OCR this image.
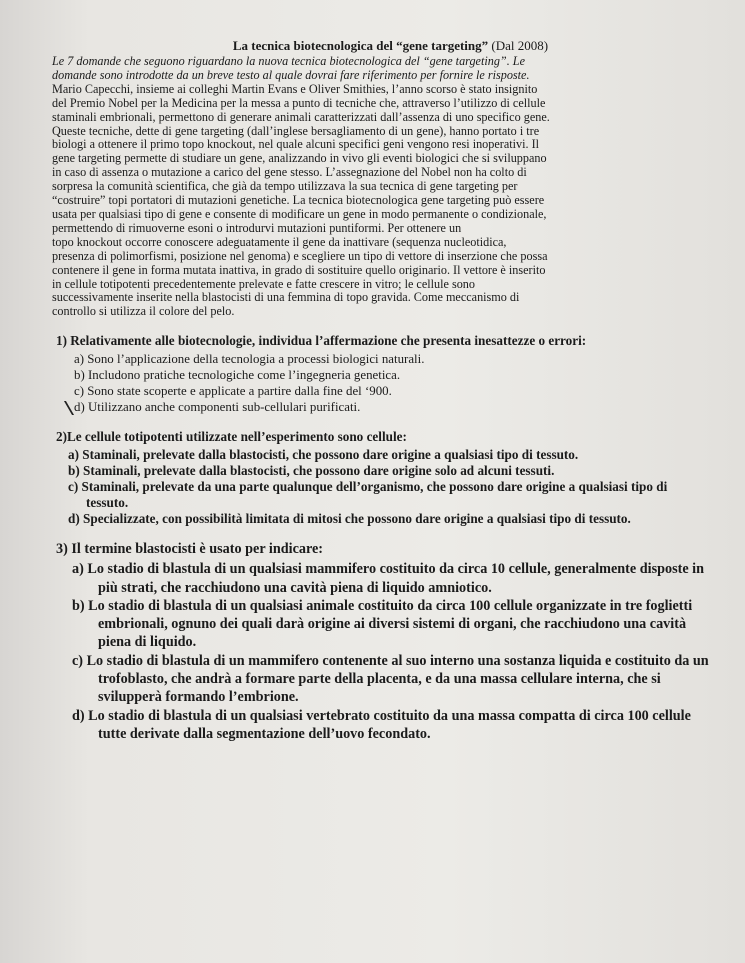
La tecnica biotecnologica del “gene targeting” (Dal 2008)

Le 7 domande che seguono riguardano la nuova tecnica biotecnologica del “gene targeting”. Le

domande sono introdotte da un breve testo al quale dovrai fare riferimento per fornire le risposte.

Mario Capecchi, insieme ai colleghi Martin Evans e Oliver Smithies, l’anno scorso è stato insignito

del Premio Nobel per la Medicina per la messa a punto di tecniche che, attraverso l’utilizzo di cellule

staminali embrionali, permettono di generare animali caratterizzati dall’assenza di uno specifico gene.

Queste tecniche, dette di gene targeting (dall’inglese bersagliamento di un gene), hanno portato i tre

biologi a ottenere il primo topo knockout, nel quale alcuni specifici geni vengono resi inoperativi. Il

gene targeting permette di studiare un gene, analizzando in vivo gli eventi biologici che si sviluppano

in caso di assenza o mutazione a carico del gene stesso. L’assegnazione del Nobel non ha colto di

sorpresa la comunità scientifica, che già da tempo utilizzava la sua tecnica di gene targeting per

“costruire” topi portatori di mutazioni genetiche. La tecnica biotecnologica gene targeting può essere

usata per qualsiasi tipo di gene e consente di modificare un gene in modo permanente o condizionale,

permettendo di rimuoverne esoni o introdurvi mutazioni puntiformi. Per ottenere un

topo knockout occorre conoscere adeguatamente il gene da inattivare (sequenza nucleotidica,

presenza di polimorfismi, posizione nel genoma) e scegliere un tipo di vettore di inserzione che possa

contenere il gene in forma mutata inattiva, in grado di sostituire quello originario. Il vettore è inserito

in cellule totipotenti precedentemente prelevate e fatte crescere in vitro; le cellule sono

successivamente inserite nella blastocisti di una femmina di topo gravida. Come meccanismo di

controllo si utilizza il colore del pelo.

1) Relativamente alle biotecnologie, individua l’affermazione che presenta inesattezze o errori:
a) Sono l’applicazione della tecnologia a processi biologici naturali.
b) Includono pratiche tecnologiche come l’ingegneria genetica.
c) Sono state scoperte e applicate a partire dalla fine del ‘900.
d) Utilizzano anche componenti sub-cellulari purificati.
2)Le cellule totipotenti utilizzate nell’esperimento sono cellule:
a) Staminali, prelevate dalla blastocisti, che possono dare origine a qualsiasi tipo di tessuto.
b) Staminali, prelevate dalla blastocisti, che possono dare origine solo ad alcuni tessuti.
c) Staminali, prelevate da una parte qualunque dell’organismo, che possono dare origine a qualsiasi tipo di tessuto.
d) Specializzate, con possibilità limitata di mitosi che possono dare origine a qualsiasi tipo di tessuto.
3) Il termine blastocisti è usato per indicare:
a) Lo stadio di blastula di un qualsiasi mammifero costituito da circa 10 cellule, generalmente disposte in più strati, che racchiudono una cavità piena di liquido amniotico.
b) Lo stadio di blastula di un qualsiasi animale costituito da circa 100 cellule organizzate in tre foglietti embrionali, ognuno dei quali darà origine ai diversi sistemi di organi, che racchiudono una cavità piena di liquido.
c) Lo stadio di blastula di un mammifero contenente al suo interno una sostanza liquida e costituito da un trofoblasto, che andrà a formare parte della placenta, e da una massa cellulare interna, che si svilupperà formando l’embrione.
d) Lo stadio di blastula di un qualsiasi vertebrato costituito da una massa compatta di circa 100 cellule tutte derivate dalla segmentazione dell’uovo fecondato.
